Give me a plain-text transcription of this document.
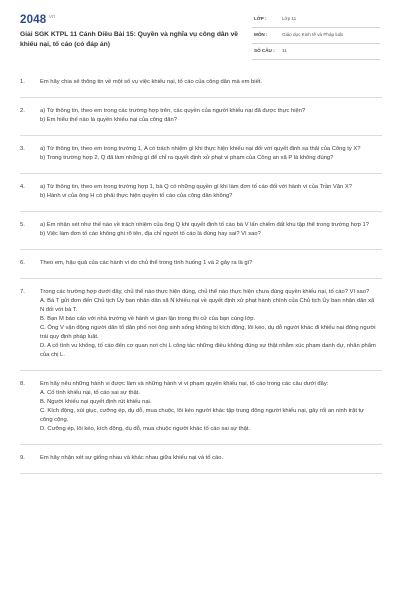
$2048^{.vn}$
Giải SGK KTPL 11 Cánh Diều Bài 15: Quyền và nghĩa vụ công dân về khiếu nại, tố cáo (có đáp án)
LỚP :	Lớp 11
MÔN :	Giáo dục Kinh tế và Pháp luật
SỐ CÂU : 11
1.	Em hãy chia sẻ thông tin về một số vụ việc khiếu nại, tố cáo của công dân mà em biết.
2.	a) Từ thông tin, theo em trong các trường hợp trên, các quyền của người khiếu nại đã được thực hiện?
b) Em hiểu thế nào là quyền khiếu nại của công dân?
3.	a) Từ thông tin, theo em trong trường 1, A có trách nhiệm gì khi thực hiện khiếu nại đối với quyết định sa thải của Công ty X?
b) Trong trường hợp 2, Q đã làm những gì để chỉ ra quyết định xử phạt vi phạm của Công an xã P là không đúng?
4.	a) Từ thông tin, theo em trong trường hợp 1, bà Q có những quyền gì khi làm đơn tố cáo đối với hành vi của Trần Văn X?
b) Hành vi của ông H có phải thực hiện quyền tố cáo của công dân không?
5.	a) Em nhận xét như thế nào về trách nhiệm của ông Q khi quyết định tố cáo bà V lấn chiếm đất khu tập thể trong trường hợp 1?
b) Việc làm đơn tố cáo không ghi rõ tên, địa chỉ người tố cáo là đúng hay sai? Vì sao?
6.	Theo em, hậu quả của các hành vi do chủ thể trong tình huống 1 và 2 gây ra là gì?
7.	Trong các trường hợp dưới đây, chủ thể nào thực hiện đúng, chủ thể nào thực hiện chưa đúng quyền khiếu nại, tố cáo? Vì sao?
A. Bà T gửi đơn đến Chủ tịch Ủy ban nhân dân xã N khiếu nại về quyết định xử phạt hành chính của Chủ tịch Ủy ban nhân dân xã N đối với bà T.
B. Bạn M báo cáo với nhà trường về hành vi gian lận trong thi cử của bạn cùng lớp.
C. Ông V vận động người dân tổ dân phố nơi ông sinh sống không bị kích động, lôi kéo, dụ dỗ người khác đi khiếu nại đông người trái quy định pháp luật.
D. A cố tình vu khống, tố cáo đến cơ quan nơi chị L công tác những điều không đúng sự thật nhằm xúc phạm danh dự, nhân phẩm của chị L.
8.	Em hãy nêu những hành vi được làm và những hành vi vi phạm quyền khiếu nại, tố cáo trong các câu dưới đây:
A. Cố tình khiếu nại, tố cáo sai sự thật.
B. Người khiếu nại quyết định rút khiếu nại.
C. Kích động, xúi giục, cưỡng ép, dụ dỗ, mua chuộc, lôi kéo người khác tập trung đông người khiếu nại, gây rối an ninh trật tự công cộng.
D. Cưỡng ép, lôi kéo, kích động, dụ dỗ, mua chuộc người khác tố cáo sai sự thật.
9.	Em hãy nhận xét sự giống nhau và khác nhau giữa khiếu nại và tố cáo.
